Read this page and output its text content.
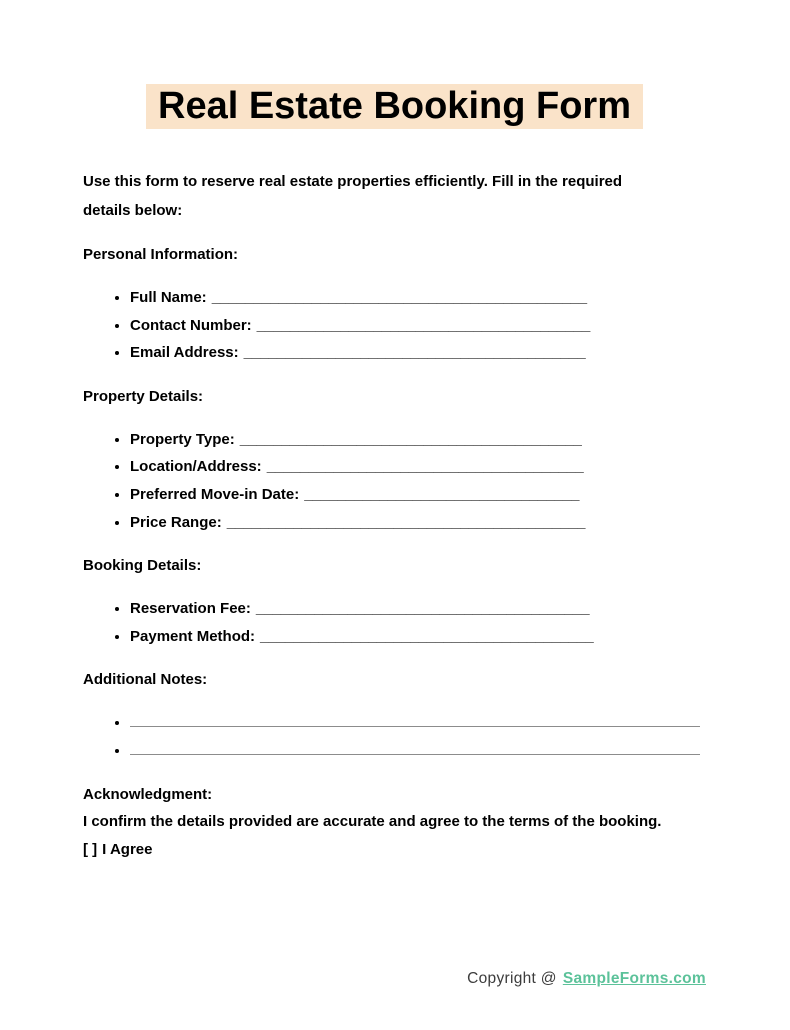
Real Estate Booking Form

Use this form to reserve real estate properties efficiently. Fill in the required details below:

Personal Information:
• Full Name: _____________________________________________
• Contact Number: ________________________________________
• Email Address: _________________________________________
Property Details:
• Property Type: _________________________________________
• Location/Address: ______________________________________
• Preferred Move-in Date: _________________________________
• Price Range: ___________________________________________
Booking Details:
• Reservation Fee: ________________________________________
• Payment Method: ________________________________________
Additional Notes:
•
•

Acknowledgment:

I confirm the details provided are accurate and agree to the terms of the booking.

[ ] I Agree

Copyright @ SampleForms.com
